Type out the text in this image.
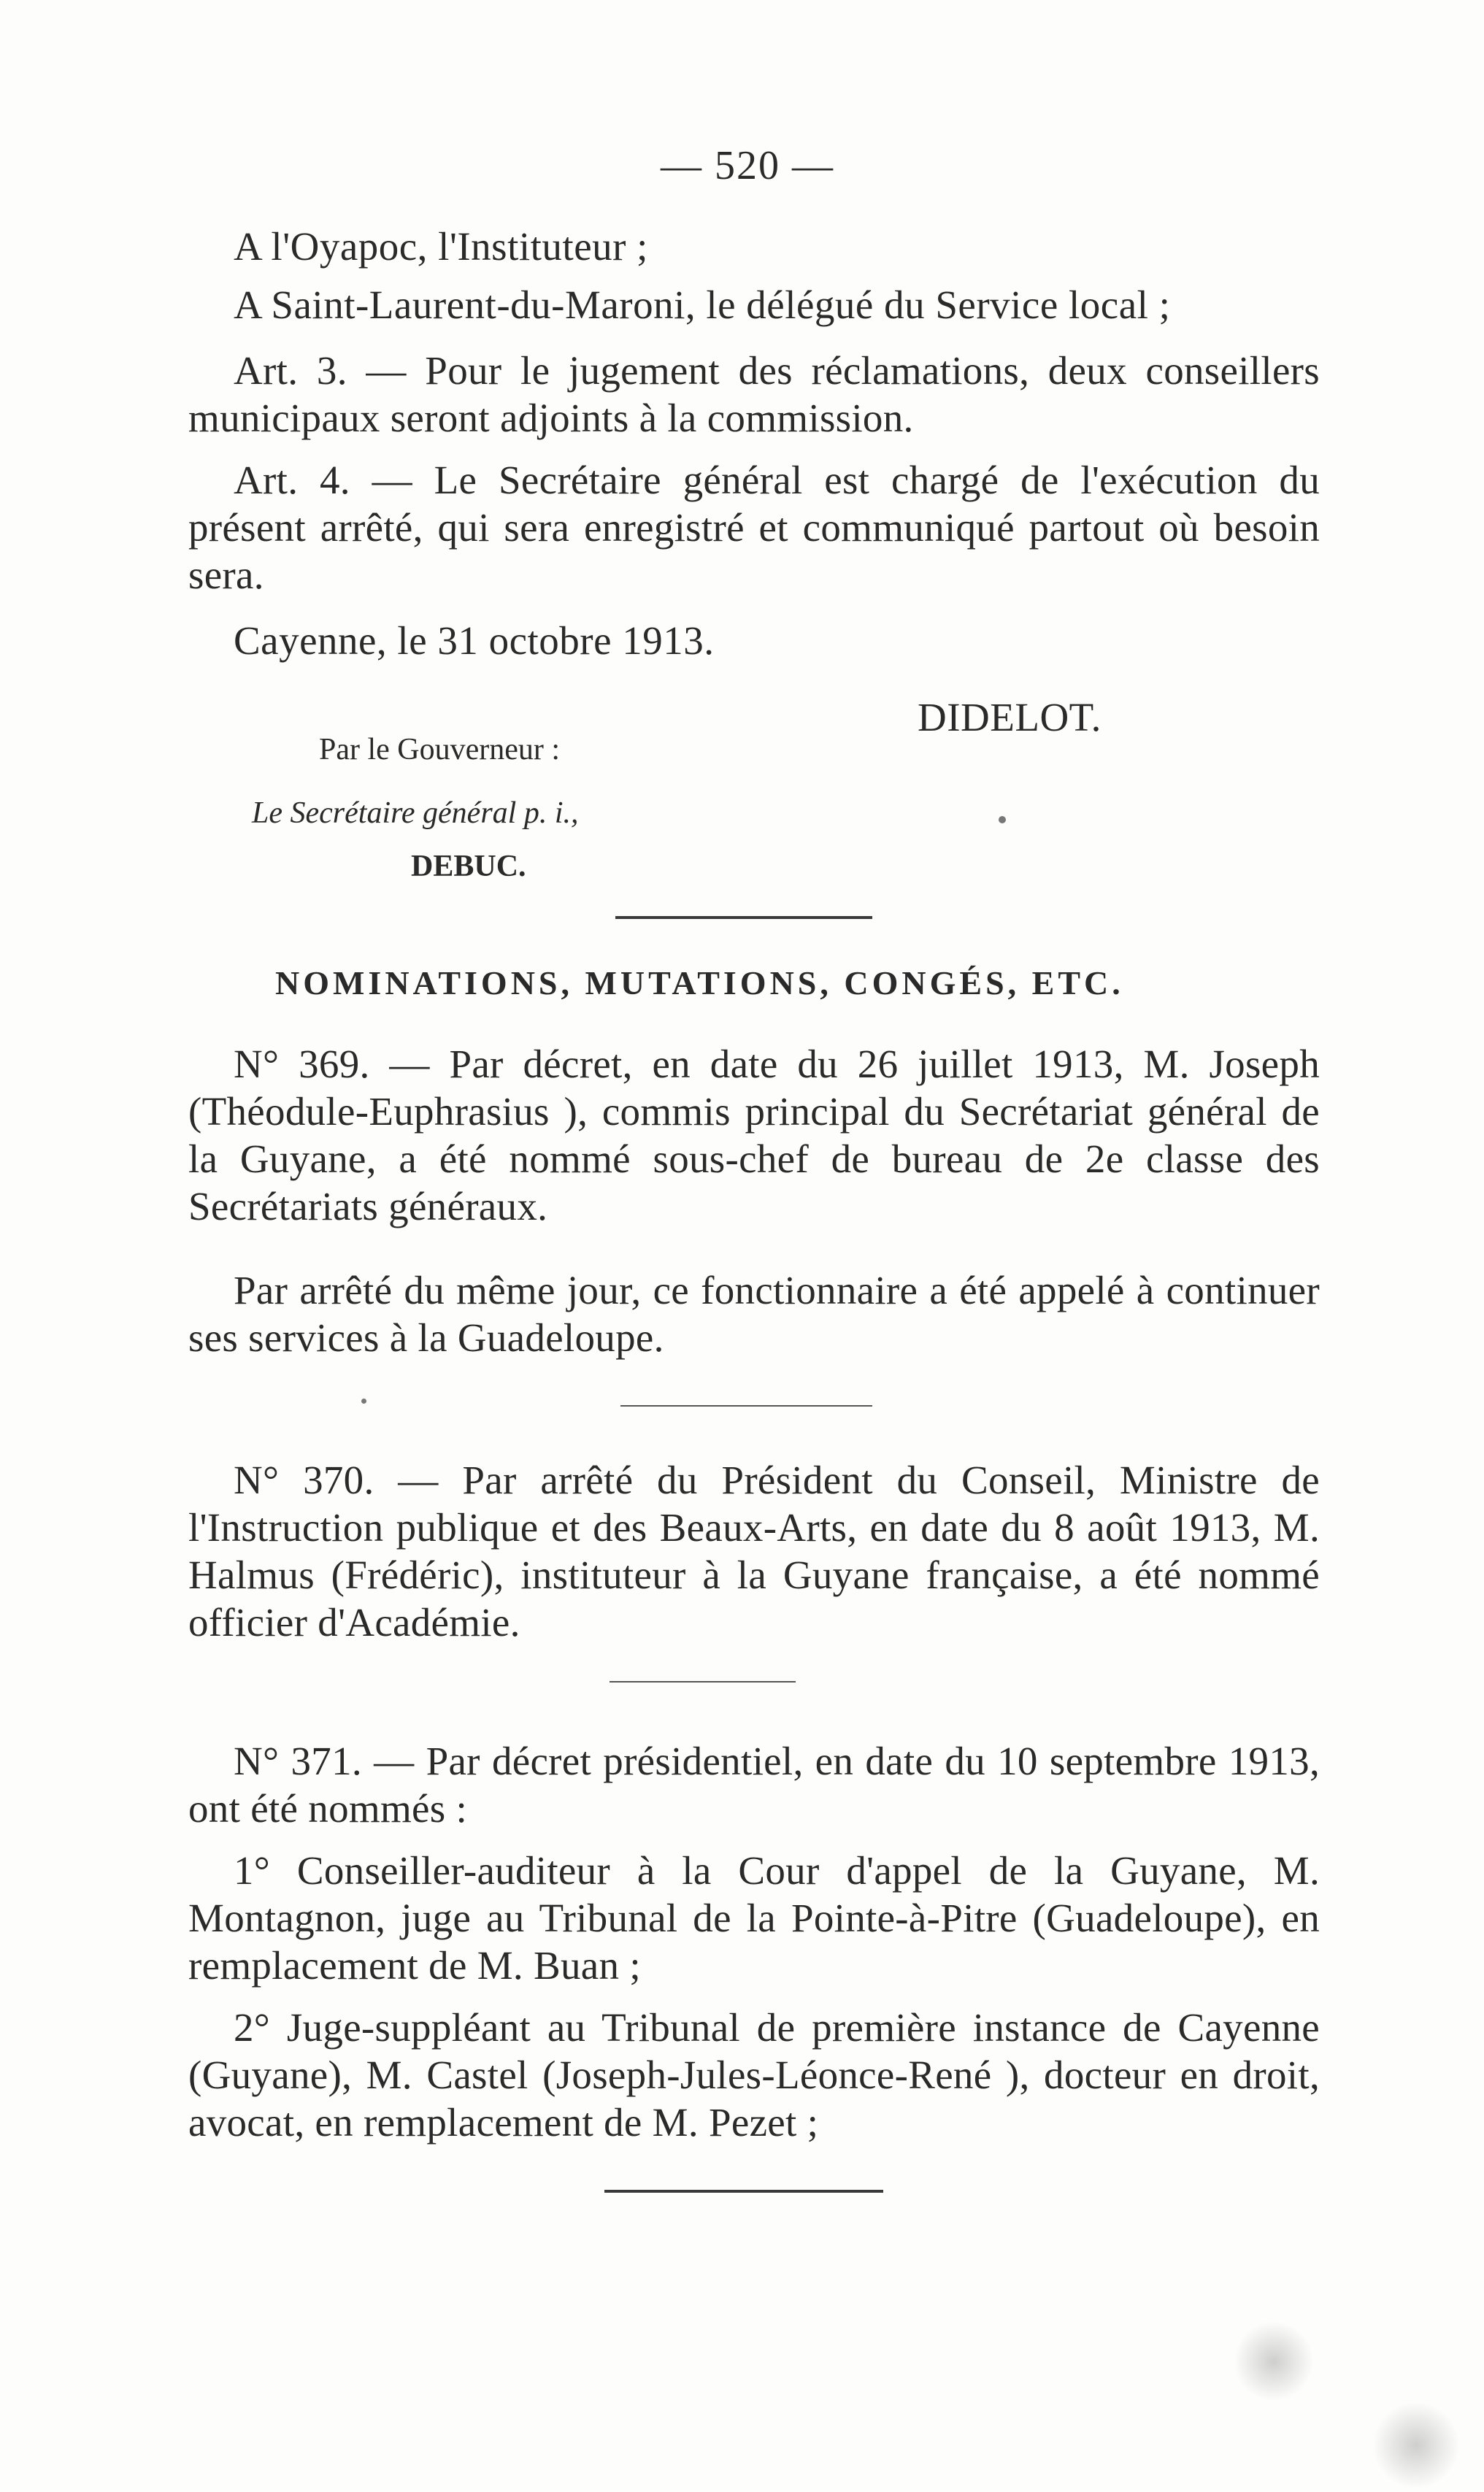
— 520 —

A l'Oyapoc, l'Instituteur ;

A Saint-Laurent-du-Maroni, le délégué du Service local ;

Art. 3. — Pour le jugement des réclamations, deux conseillers municipaux seront adjoints à la commission.

Art. 4. — Le Secrétaire général est chargé de l'exécution du présent arrêté, qui sera enregistré et communiqué partout où besoin sera.

Cayenne, le 31 octobre 1913.

DIDELOT.

Par le Gouverneur :

Le Secrétaire général p. i.,

DEBUC.

NOMINATIONS, MUTATIONS, CONGÉS, ETC.

N° 369. — Par décret, en date du 26 juillet 1913, M. Joseph (Théodule-Euphrasius ), commis principal du Secrétariat général de la Guyane, a été nommé sous-chef de bureau de 2e classe des Secrétariats généraux.

Par arrêté du même jour, ce fonctionnaire a été appelé à continuer ses services à la Guadeloupe.

N° 370. — Par arrêté du Président du Conseil, Ministre de l'Instruction publique et des Beaux-Arts, en date du 8 août 1913, M. Halmus (Frédéric), instituteur à la Guyane française, a été nommé officier d'Académie.

N° 371. — Par décret présidentiel, en date du 10 septembre 1913, ont été nommés :

1° Conseiller-auditeur à la Cour d'appel de la Guyane, M. Montagnon, juge au Tribunal de la Pointe-à-Pitre (Guadeloupe), en remplacement de M. Buan ;

2° Juge-suppléant au Tribunal de première instance de Cayenne (Guyane), M. Castel (Joseph-Jules-Léonce-René ), docteur en droit, avocat, en remplacement de M. Pezet ;
